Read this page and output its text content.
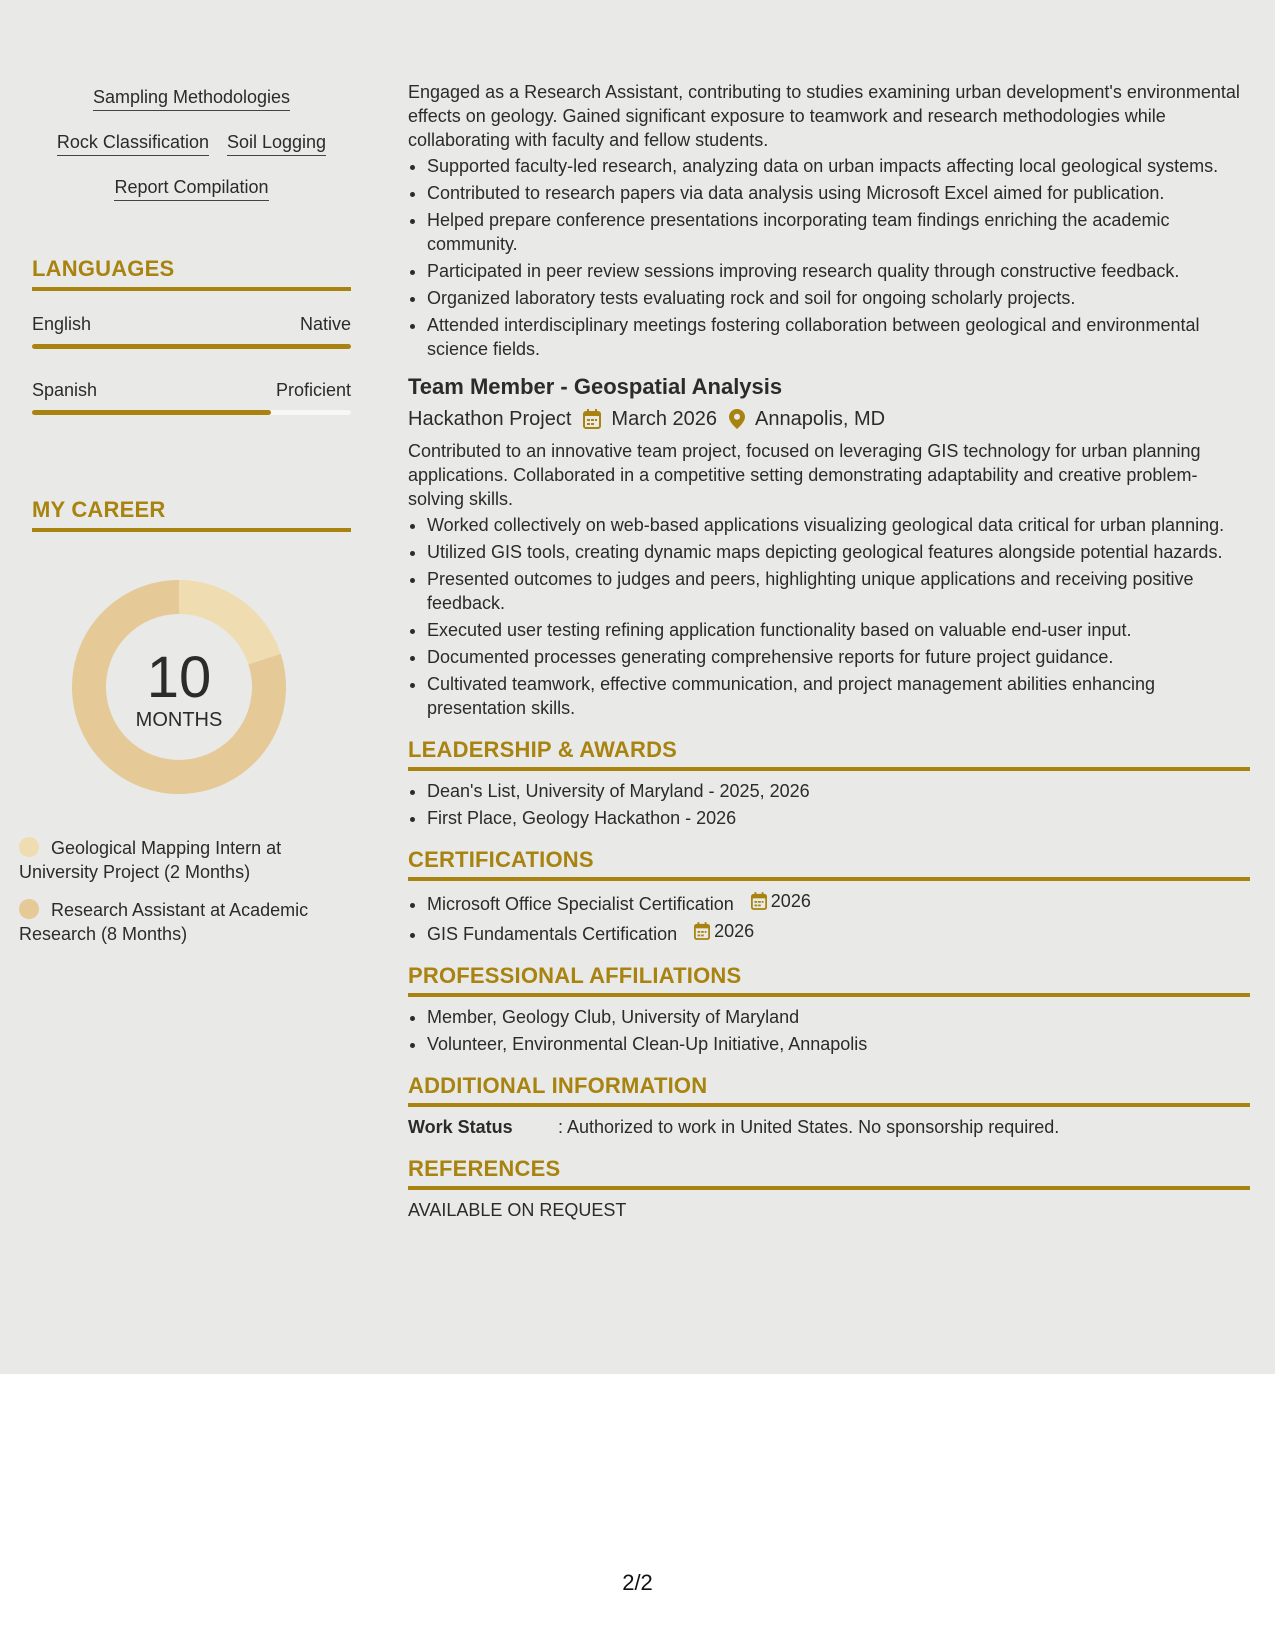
Sampling Methodologies
Rock Classification Soil Logging
Report Compilation
LANGUAGES
English	Native
Spanish	Proficient
MY CAREER
10
MONTHS
Geological Mapping Intern at University Project (2 Months)
Research Assistant at Academic Research (8 Months)

Engaged as a Research Assistant, contributing to studies examining urban development's environmental effects on geology. Gained significant exposure to teamwork and research methodologies while collaborating with faculty and fellow students.

• Supported faculty-led research, analyzing data on urban impacts affecting local geological systems.
• Contributed to research papers via data analysis using Microsoft Excel aimed for publication.
• Helped prepare conference presentations incorporating team findings enriching the academic community.
• Participated in peer review sessions improving research quality through constructive feedback.
• Organized laboratory tests evaluating rock and soil for ongoing scholarly projects.
• Attended interdisciplinary meetings fostering collaboration between geological and environmental science fields.
Team Member - Geospatial Analysis
Hackathon Project March 2026 Annapolis, MD

Contributed to an innovative team project, focused on leveraging GIS technology for urban planning applications. Collaborated in a competitive setting demonstrating adaptability and creative problem-solving skills.

• Worked collectively on web-based applications visualizing geological data critical for urban planning.
• Utilized GIS tools, creating dynamic maps depicting geological features alongside potential hazards.
• Presented outcomes to judges and peers, highlighting unique applications and receiving positive feedback.
• Executed user testing refining application functionality based on valuable end-user input.
• Documented processes generating comprehensive reports for future project guidance.
• Cultivated teamwork, effective communication, and project management abilities enhancing presentation skills.
LEADERSHIP & AWARDS
• Dean's List, University of Maryland - 2025, 2026
• First Place, Geology Hackathon - 2026
CERTIFICATIONS
• Microsoft Office Specialist Certification 2026
• GIS Fundamentals Certification 2026
PROFESSIONAL AFFILIATIONS
• Member, Geology Club, University of Maryland
• Volunteer, Environmental Clean-Up Initiative, Annapolis
ADDITIONAL INFORMATION
Work Status	: Authorized to work in United States. No sponsorship required.
REFERENCES
AVAILABLE ON REQUEST
2/2
